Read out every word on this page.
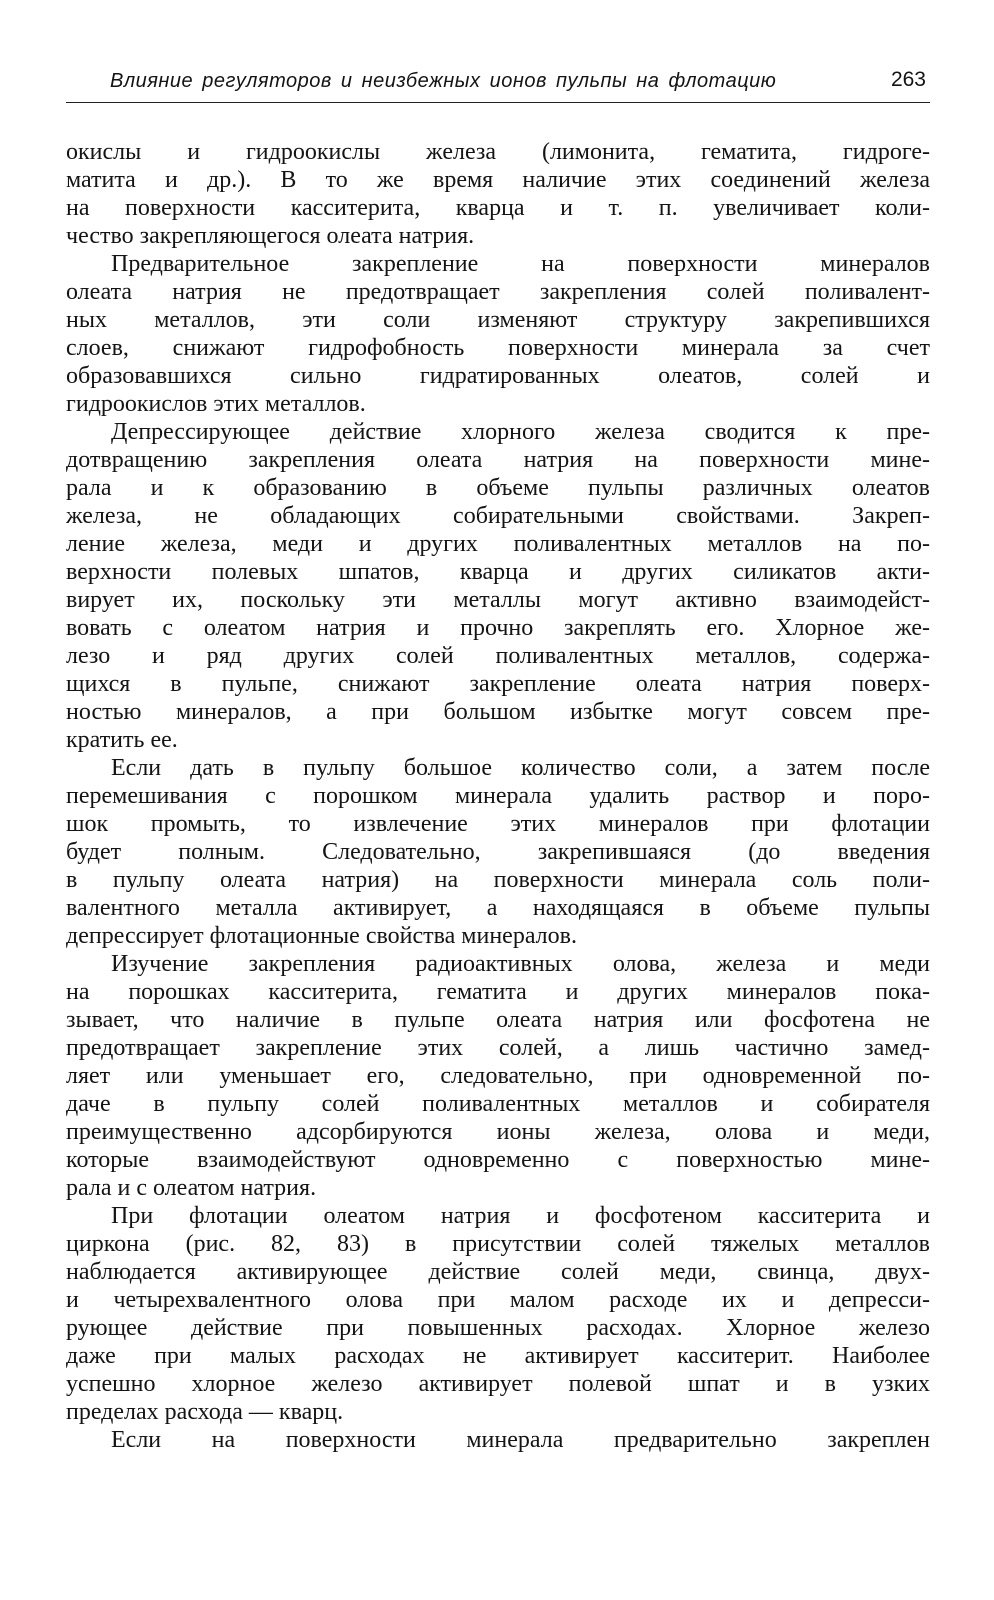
Влияние регуляторов и неизбежных ионов пульпы на флотацию	263
окислы и гидроокислы железа (лимонита, гематита, гидроге-
матита и др.). В то же время наличие этих соединений железа
на поверхности касситерита, кварца и т. п. увеличивает коли-
чество закрепляющегося олеата натрия.
Предварительное закрепление на поверхности минералов
олеата натрия не предотвращает закрепления солей поливалент-
ных металлов, эти соли изменяют структуру закрепившихся
слоев, снижают гидрофобность поверхности минерала за счет
образовавшихся сильно гидратированных олеатов, солей и
гидроокислов этих металлов.
Депрессирующее действие хлорного железа сводится к пре-
дотвращению закрепления олеата натрия на поверхности мине-
рала и к образованию в объеме пульпы различных олеатов
железа, не обладающих собирательными свойствами. Закреп-
ление железа, меди и других поливалентных металлов на по-
верхности полевых шпатов, кварца и других силикатов акти-
вирует их, поскольку эти металлы могут активно взаимодейст-
вовать с олеатом натрия и прочно закреплять его. Хлорное же-
лезо и ряд других солей поливалентных металлов, содержа-
щихся в пульпе, снижают закрепление олеата натрия поверх-
ностью минералов, а при большом избытке могут совсем пре-
кратить ее.
Если дать в пульпу большое количество соли, а затем после
перемешивания с порошком минерала удалить раствор и поро-
шок промыть, то извлечение этих минералов при флотации
будет полным. Следовательно, закрепившаяся (до введения
в пульпу олеата натрия) на поверхности минерала соль поли-
валентного металла активирует, а находящаяся в объеме пульпы
депрессирует флотационные свойства минералов.
Изучение закрепления радиоактивных олова, железа и меди
на порошках касситерита, гематита и других минералов пока-
зывает, что наличие в пульпе олеата натрия или фосфотена не
предотвращает закрепление этих солей, а лишь частично замед-
ляет или уменьшает его, следовательно, при одновременной по-
даче в пульпу солей поливалентных металлов и собирателя
преимущественно адсорбируются ионы железа, олова и меди,
которые взаимодействуют одновременно с поверхностью мине-
рала и с олеатом натрия.
При флотации олеатом натрия и фосфотеном касситерита и
циркона (рис. 82, 83) в присутствии солей тяжелых металлов
наблюдается активирующее действие солей меди, свинца, двух-
и четырехвалентного олова при малом расходе их и депресси-
рующее действие при повышенных расходах. Хлорное железо
даже при малых расходах не активирует касситерит. Наиболее
успешно хлорное железо активирует полевой шпат и в узких
пределах расхода — кварц.
Если на поверхности минерала предварительно закреплен
